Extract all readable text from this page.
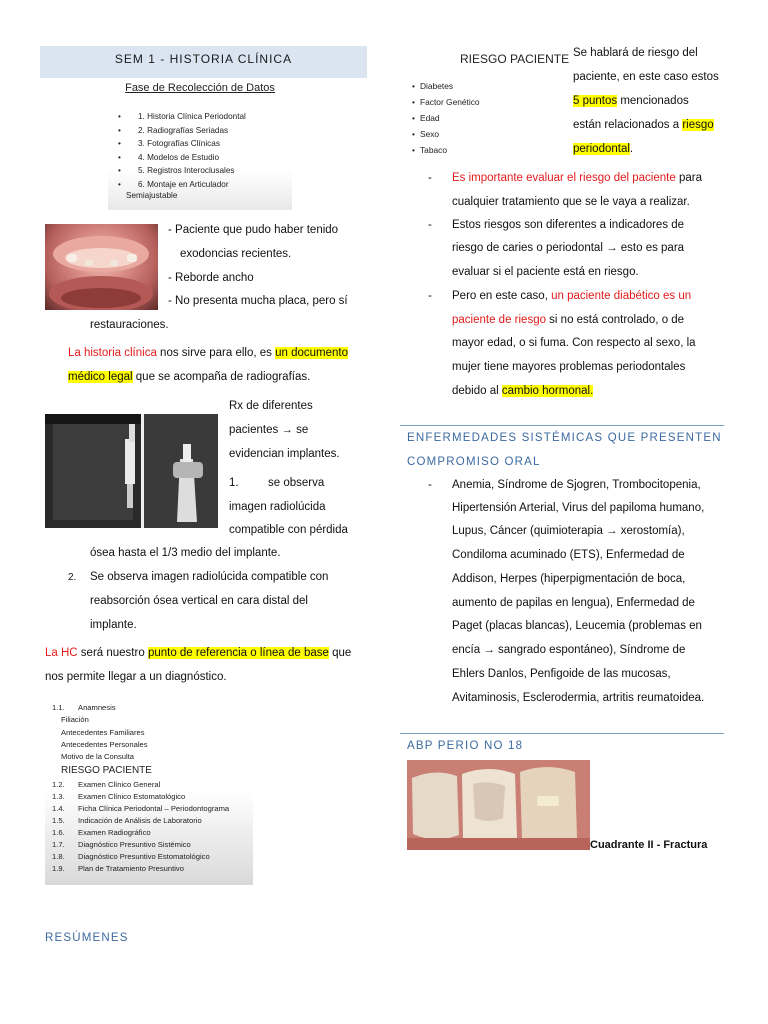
SEM 1 - HISTORIA CLÍNICA
Fase de Recolección de Datos
• 1. Historia Clínica Periodontal
• 2. Radiografías Seriadas
• 3. Fotografías Clínicas
• 4. Modelos de Estudio
• 5. Registros Interoclusales
• 6. Montaje en Articulador
Semiajustable
- Paciente que pudo haber tenido
exodoncias recientes.
- Reborde ancho
- No presenta mucha placa, pero sí
restauraciones.
La historia clínica nos sirve para ello, es un documento
médico legal que se acompaña de radiografías.
Rx de diferentes
pacientes → se
evidencian implantes.
1.	se observa
imagen radiolúcida
compatible con pérdida
ósea hasta el 1/3 medio del implante.
2. Se observa imagen radiolúcida compatible con
reabsorción ósea vertical en cara distal del
implante.
La HC será nuestro punto de referencia o línea de base que
nos permite llegar a un diagnóstico.
1.1. Anamnesis
Filiación
Antecedentes Familiares
Antecedentes Personales
Motivo de la Consulta
RIESGO PACIENTE
1.2. Examen Clínico General
1.3. Examen Clínico Estomatológico
1.4. Ficha Clínica Periodontal – Periodontograma
1.5. Indicación de Análisis de Laboratorio
1.6. Examen Radiográfico
1.7. Diagnóstico Presuntivo Sistémico
1.8. Diagnóstico Presuntivo Estomatológico
1.9. Plan de Tratamiento Presuntivo
RESÚMENES
RIESGO PACIENTE
• Diabetes
• Factor Genético
• Edad
• Sexo
• Tabaco
Se hablará de riesgo del
paciente, en este caso estos
5 puntos mencionados
están relacionados a riesgo
periodontal.
- Es importante evaluar el riesgo del paciente para
cualquier tratamiento que se le vaya a realizar.
- Estos riesgos son diferentes a indicadores de
riesgo de caries o periodontal → esto es para
evaluar si el paciente está en riesgo.
- Pero en este caso, un paciente diabético es un
paciente de riesgo si no está controlado, o de
mayor edad, o si fuma. Con respecto al sexo, la
mujer tiene mayores problemas periodontales
debido al cambio hormonal.
ENFERMEDADES SISTÉMICAS QUE PRESENTEN
COMPROMISO ORAL
- Anemia, Síndrome de Sjogren, Trombocitopenia,
Hipertensión Arterial, Virus del papiloma humano,
Lupus, Cáncer (quimioterapia → xerostomía),
Condiloma acuminado (ETS), Enfermedad de
Addison, Herpes (hiperpigmentación de boca,
aumento de papilas en lengua), Enfermedad de
Paget (placas blancas), Leucemia (problemas en
encía → sangrado espontáneo), Síndrome de
Ehlers Danlos, Penfigoide de las mucosas,
Avitaminosis, Esclerodermia, artritis reumatoidea.
ABP PERIO NO 18
Cuadrante II - Fractura
